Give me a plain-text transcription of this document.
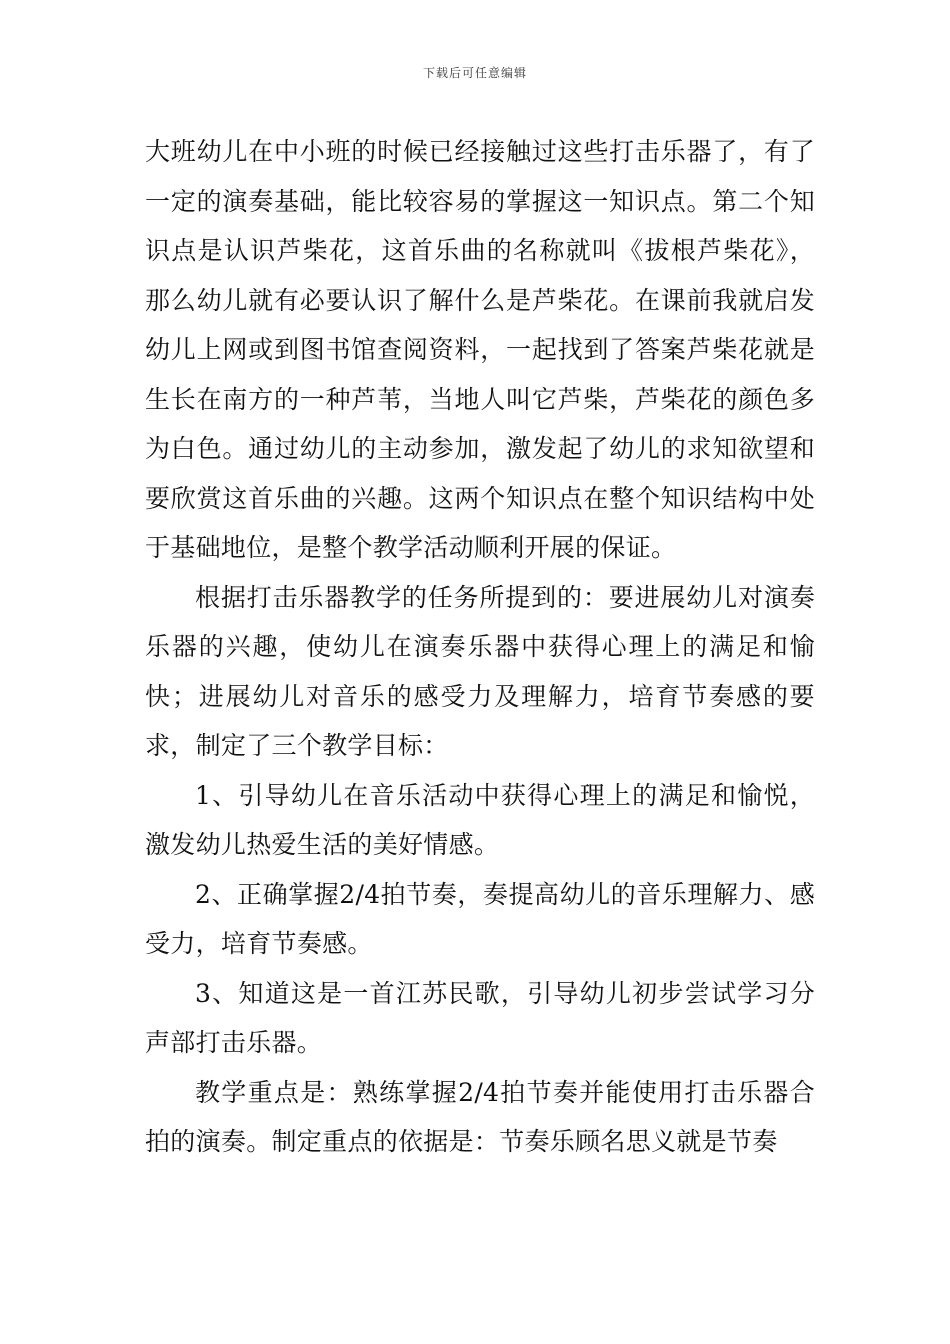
下载后可任意编辑

大班幼儿在中小班的时候已经接触过这些打击乐器了，有了一定的演奏基础，能比较容易的掌握这一知识点。第二个知识点是认识芦柴花，这首乐曲的名称就叫《拔根芦柴花》，那么幼儿就有必要认识了解什么是芦柴花。在课前我就启发幼儿上网或到图书馆查阅资料，一起找到了答案芦柴花就是生长在南方的一种芦苇，当地人叫它芦柴，芦柴花的颜色多为白色。通过幼儿的主动参加，激发起了幼儿的求知欲望和要欣赏这首乐曲的兴趣。这两个知识点在整个知识结构中处于基础地位，是整个教学活动顺利开展的保证。

根据打击乐器教学的任务所提到的：要进展幼儿对演奏乐器的兴趣，使幼儿在演奏乐器中获得心理上的满足和愉快；进展幼儿对音乐的感受力及理解力，培育节奏感的要求，制定了三个教学目标：

1、引导幼儿在音乐活动中获得心理上的满足和愉悦，激发幼儿热爱生活的美好情感。

2、正确掌握2/4拍节奏，奏提高幼儿的音乐理解力、感受力，培育节奏感。

3、知道这是一首江苏民歌，引导幼儿初步尝试学习分声部打击乐器。

教学重点是：熟练掌握2/4拍节奏并能使用打击乐器合拍的演奏。制定重点的依据是：节奏乐顾名思义就是节奏
